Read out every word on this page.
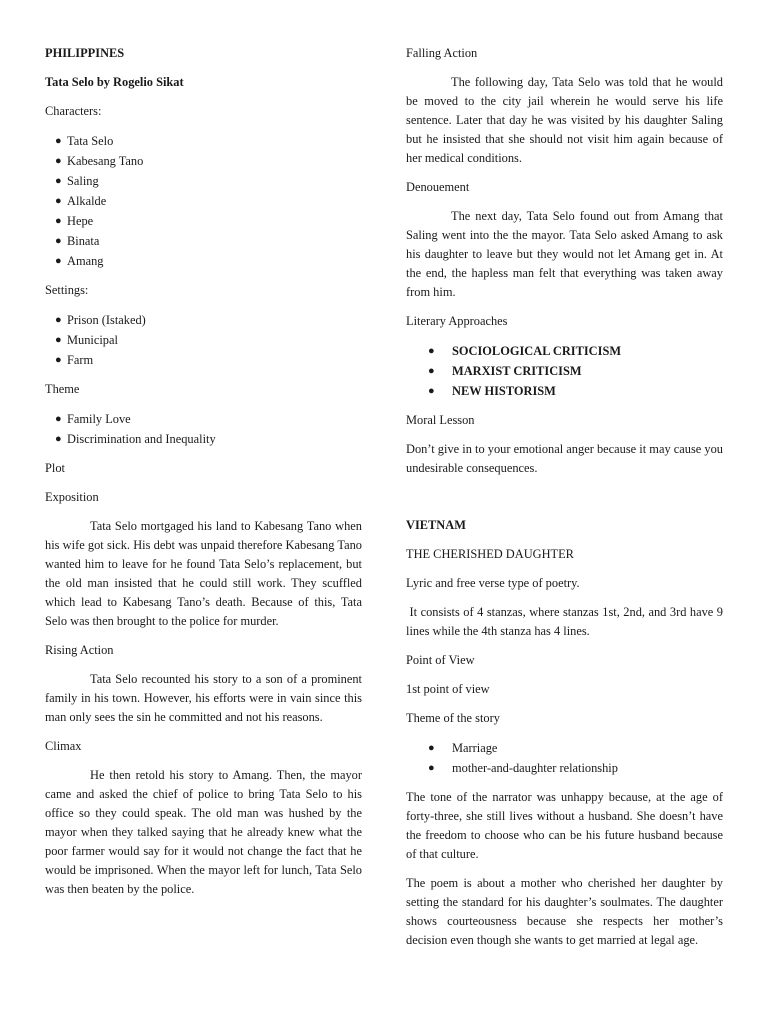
PHILIPPINES

Tata Selo by Rogelio Sikat

Characters:

● Tata Selo
● Kabesang Tano
● Saling
● Alkalde
● Hepe
● Binata
● Amang

Settings:

● Prison (Istaked)
● Municipal
● Farm

Theme

● Family Love
● Discrimination and Inequality

Plot

Exposition

Tata Selo mortgaged his land to Kabesang Tano when his wife got sick. His debt was unpaid therefore Kabesang Tano wanted him to leave for he found Tata Selo’s replacement, but the old man insisted that he could still work. They scuffled which lead to Kabesang Tano’s death. Because of this, Tata Selo was then brought to the police for murder.

Rising Action

Tata Selo recounted his story to a son of a prominent family in his town. However, his efforts were in vain since this man only sees the sin he committed and not his reasons.

Climax

He then retold his story to Amang. Then, the mayor came and asked the chief of police to bring Tata Selo to his office so they could speak. The old man was hushed by the mayor when they talked saying that he already knew what the poor farmer would say for it would not change the fact that he would be imprisoned. When the mayor left for lunch, Tata Selo was then beaten by the police.

Falling Action

The following day, Tata Selo was told that he would be moved to the city jail wherein he would serve his life sentence. Later that day he was visited by his daughter Saling but he insisted that she should not visit him again because of her medical conditions.

Denouement

The next day, Tata Selo found out from Amang that Saling went into the the mayor. Tata Selo asked Amang to ask his daughter to leave but they would not let Amang get in. At the end, the hapless man felt that everything was taken away from him.

Literary Approaches

● SOCIOLOGICAL CRITICISM
● MARXIST CRITICISM
● NEW HISTORISM

Moral Lesson

Don’t give in to your emotional anger because it may cause you undesirable consequences.

VIETNAM

THE CHERISHED DAUGHTER

Lyric and free verse type of poetry.

It consists of 4 stanzas, where stanzas 1st, 2nd, and 3rd have 9 lines while the 4th stanza has 4 lines.

Point of View

1st point of view

Theme of the story

● Marriage
● mother-and-daughter relationship

The tone of the narrator was unhappy because, at the age of forty-three, she still lives without a husband. She doesn’t have the freedom to choose who can be his future husband because of that culture.

The poem is about a mother who cherished her daughter by setting the standard for his daughter’s soulmates. The daughter shows courteousness because she respects her mother’s decision even though she wants to get married at legal age.
